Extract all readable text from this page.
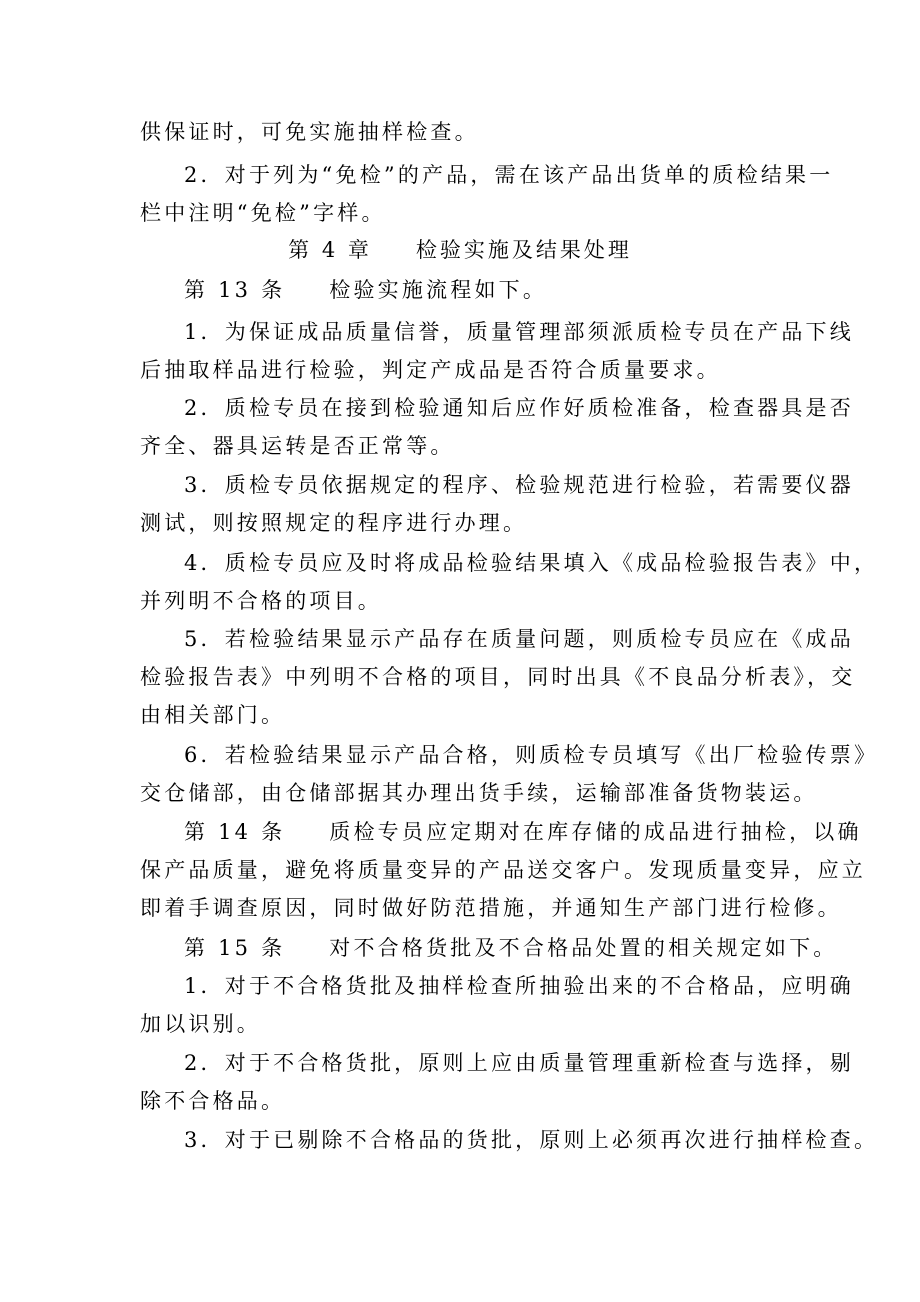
供保证时，可免实施抽样检查。
2．对于列为“免检”的产品，需在该产品出货单的质检结果一
栏中注明“免检”字样。
第 4 章 检验实施及结果处理
第 13 条 检验实施流程如下。
1．为保证成品质量信誉，质量管理部须派质检专员在产品下线
后抽取样品进行检验，判定产成品是否符合质量要求。
2．质检专员在接到检验通知后应作好质检准备，检查器具是否
齐全、器具运转是否正常等。
3．质检专员依据规定的程序、检验规范进行检验，若需要仪器
测试，则按照规定的程序进行办理。
4．质检专员应及时将成品检验结果填入《成品检验报告表》中，
并列明不合格的项目。
5．若检验结果显示产品存在质量问题，则质检专员应在《成品
检验报告表》中列明不合格的项目，同时出具《不良品分析表》，交
由相关部门。
6．若检验结果显示产品合格，则质检专员填写《出厂检验传票》
交仓储部，由仓储部据其办理出货手续，运输部准备货物装运。
第 14 条 质检专员应定期对在库存储的成品进行抽检，以确
保产品质量，避免将质量变异的产品送交客户。发现质量变异，应立
即着手调查原因，同时做好防范措施，并通知生产部门进行检修。
第 15 条 对不合格货批及不合格品处置的相关规定如下。
1．对于不合格货批及抽样检查所抽验出来的不合格品，应明确
加以识别。
2．对于不合格货批，原则上应由质量管理重新检查与选择，剔
除不合格品。
3．对于已剔除不合格品的货批，原则上必须再次进行抽样检查。
